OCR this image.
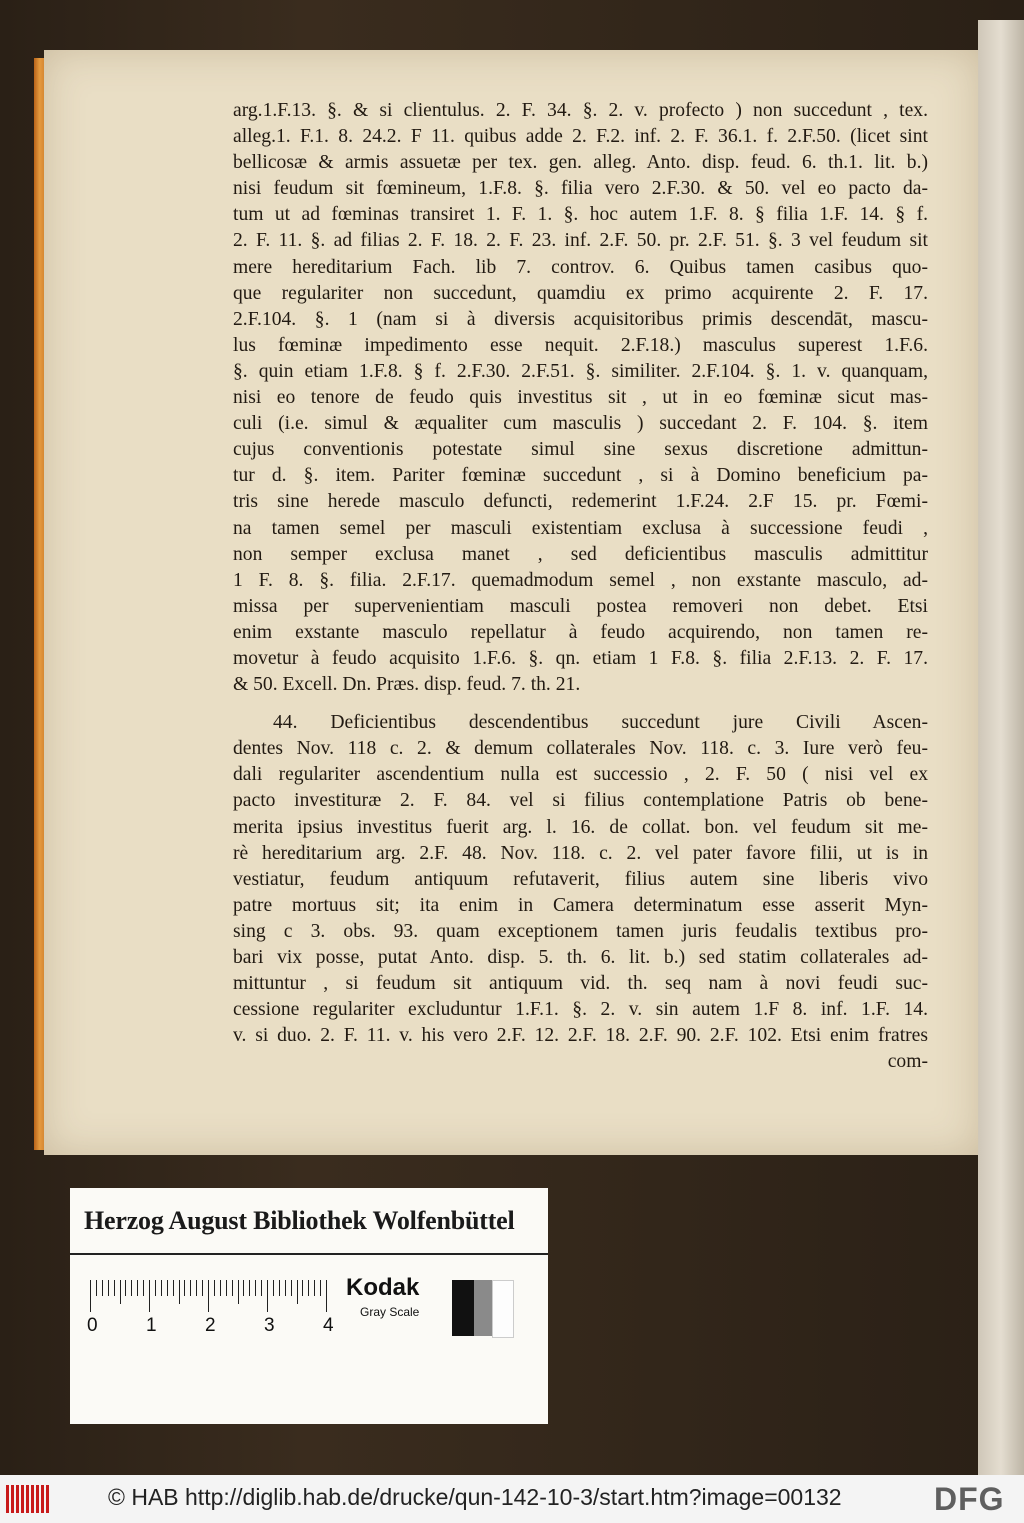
arg.1.F.13. §. & si clientulus. 2. F. 34. §. 2. v. profecto ) non succedunt , tex.
alleg.1. F.1. 8. 24.2. F 11. quibus adde 2. F.2. inf. 2. F. 36.1. f. 2.F.50. (licet sint
bellicosæ & armis assuetæ per tex. gen. alleg. Anto. disp. feud. 6. th.1. lit. b.)
nisi feudum sit fœmineum, 1.F.8. §. filia vero 2.F.30. & 50. vel eo pacto da-
tum ut ad fœminas transiret 1. F. 1. §. hoc autem 1.F. 8. § filia 1.F. 14. § f.
2. F. 11. §. ad filias 2. F. 18. 2. F. 23. inf. 2.F. 50. pr. 2.F. 51. §. 3 vel feudum sit
mere hereditarium Fach. lib 7. controv. 6. Quibus tamen casibus quo-
que regulariter non succedunt, quamdiu ex primo acquirente 2. F. 17.
2.F.104. §. 1 (nam si à diversis acquisitoribus primis descendāt, mascu-
lus fœminæ impedimento esse nequit. 2.F.18.) masculus superest 1.F.6.
§. quin etiam 1.F.8. § f. 2.F.30. 2.F.51. §. similiter. 2.F.104. §. 1. v. quanquam,
nisi eo tenore de feudo quis investitus sit , ut in eo fœminæ sicut mas-
culi (i.e. simul & æqualiter cum masculis ) succedant 2. F. 104. §. item
cujus conventionis potestate simul sine sexus discretione admittun-
tur d. §. item. Pariter fœminæ succedunt , si à Domino beneficium pa-
tris sine herede masculo defuncti, redemerint 1.F.24. 2.F 15. pr. Fœmi-
na tamen semel per masculi existentiam exclusa à successione feudi ,
non semper exclusa manet , sed deficientibus masculis admittitur
1 F. 8. §. filia. 2.F.17. quemadmodum semel , non exstante masculo, ad-
missa per supervenientiam masculi postea removeri non debet. Etsi
enim exstante masculo repellatur à feudo acquirendo, non tamen re-
movetur à feudo acquisito 1.F.6. §. qn. etiam 1 F.8. §. filia 2.F.13. 2. F. 17.
& 50. Excell. Dn. Præs. disp. feud. 7. th. 21.
44. Deficientibus descendentibus succedunt jure Civili Ascen-
dentes Nov. 118 c. 2. & demum collaterales Nov. 118. c. 3. Iure verò feu-
dali regulariter ascendentium nulla est successio , 2. F. 50 ( nisi vel ex
pacto investituræ 2. F. 84. vel si filius contemplatione Patris ob bene-
merita ipsius investitus fuerit arg. l. 16. de collat. bon. vel feudum sit me-
rè hereditarium arg. 2.F. 48. Nov. 118. c. 2. vel pater favore filii, ut is in
vestiatur, feudum antiquum refutaverit, filius autem sine liberis vivo
patre mortuus sit; ita enim in Camera determinatum esse asserit Myn-
sing c 3. obs. 93. quam exceptionem tamen juris feudalis textibus pro-
bari vix posse, putat Anto. disp. 5. th. 6. lit. b.) sed statim collaterales ad-
mittuntur , si feudum sit antiquum vid. th. seq nam à novi feudi suc-
cessione regulariter excluduntur 1.F.1. §. 2. v. sin autem 1.F 8. inf. 1.F. 14.
v. si duo. 2. F. 11. v. his vero 2.F. 12. 2.F. 18. 2.F. 90. 2.F. 102. Etsi enim fratres
com-
Herzog August Bibliothek Wolfenbüttel
0	1	2	3	4
Kodak
Gray Scale
© HAB http://diglib.hab.de/drucke/qun-142-10-3/start.htm?image=00132	DFG
